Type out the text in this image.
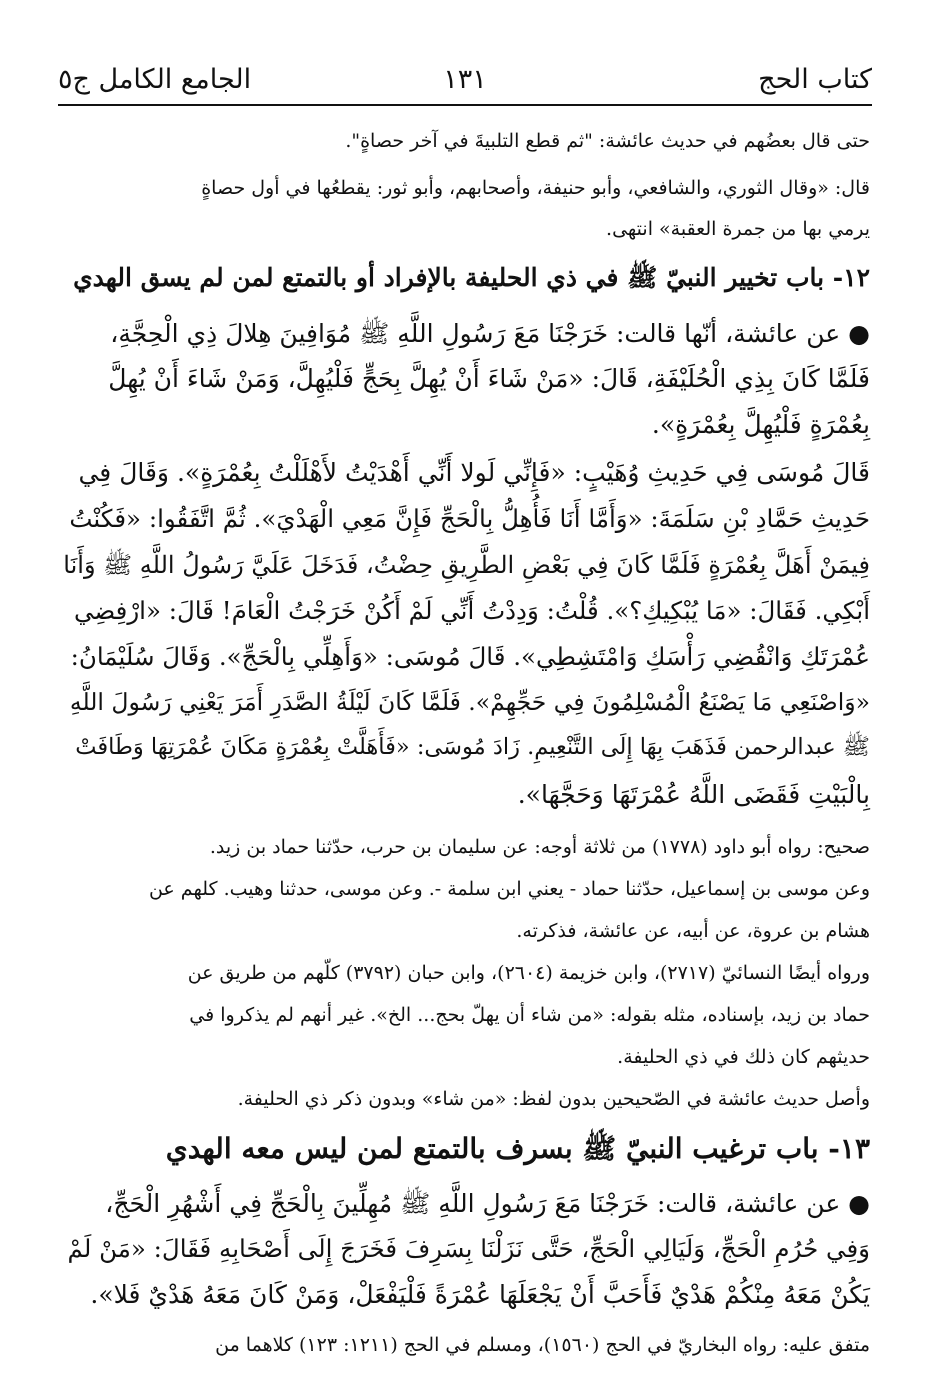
كتاب الحج
١٣١
الجامع الكامل ج٥
حتى قال بعضُهم في حديث عائشة: "ثم قطع التلبيةَ في آخر حصاةٍ".
قال: «وقال الثوري، والشافعي، وأبو حنيفة، وأصحابهم، وأبو ثور: يقطعُها في أول حصاةٍ
يرمي بها من جمرة العقبة» انتهى.
١٢- باب تخيير النبيّ ﷺ في ذي الحليفة بالإفراد أو بالتمتع لمن لم يسق الهدي
● عن عائشة، أنّها قالت: خَرَجْنَا مَعَ رَسُولِ اللَّهِ ﷺ مُوَافِينَ هِلالَ ذِي الْحِجَّةِ،
فَلَمَّا كَانَ بِذِي الْحُلَيْفَةِ، قَالَ: «مَنْ شَاءَ أَنْ يُهِلَّ بِحَجٍّ فَلْيُهِلَّ، وَمَنْ شَاءَ أَنْ يُهِلَّ
بِعُمْرَةٍ فَلْيُهِلَّ بِعُمْرَةٍ».
قَالَ مُوسَى فِي حَدِيثِ وُهَيْبٍ: «فَإِنِّي لَولا أَنِّي أَهْدَيْتُ لأَهْلَلْتُ بِعُمْرَةٍ». وَقَالَ فِي
حَدِيثِ حَمَّادِ بْنِ سَلَمَةَ: «وَأَمَّا أَنَا فَأُهِلُّ بِالْحَجِّ فَإِنَّ مَعِي الْهَدْيَ». ثُمَّ اتَّفَقُوا: «فَكُنْتُ
فِيمَنْ أَهَلَّ بِعُمْرَةٍ فَلَمَّا كَانَ فِي بَعْضِ الطَّرِيقِ حِضْتُ، فَدَخَلَ عَلَيَّ رَسُولُ اللَّهِ ﷺ وَأَنَا
أَبْكِي. فَقَالَ: «مَا يُبْكِيكِ؟». قُلْتُ: وَدِدْتُ أَنِّي لَمْ أَكُنْ خَرَجْتُ الْعَامَ! قَالَ: «ارْفِضِي
عُمْرَتَكِ وَانْقُضِي رَأْسَكِ وَامْتَشِطِي». قَالَ مُوسَى: «وَأَهِلِّي بِالْحَجِّ». وَقَالَ سُلَيْمَانُ:
«وَاصْنَعِي مَا يَصْنَعُ الْمُسْلِمُونَ فِي حَجِّهِمْ». فَلَمَّا كَانَ لَيْلَةُ الصَّدَرِ أَمَرَ يَعْنِي رَسُولَ اللَّهِ
ﷺ عبدالرحمن فَذَهَبَ بِهَا إِلَى التَّنْعِيمِ. زَادَ مُوسَى: «فَأَهَلَّتْ بِعُمْرَةٍ مَكَانَ عُمْرَتِهَا وَطَافَتْ
بِالْبَيْتِ فَقَضَى اللَّهُ عُمْرَتَهَا وَحَجَّهَا».
صحيح: رواه أبو داود (١٧٧٨) من ثلاثة أوجه: عن سليمان بن حرب، حدّثنا حماد بن زيد.
وعن موسى بن إسماعيل، حدّثنا حماد - يعني ابن سلمة -. وعن موسى، حدثنا وهيب. كلهم عن
هشام بن عروة، عن أبيه، عن عائشة، فذكرته.
ورواه أيضًا النسائيّ (٢٧١٧)، وابن خزيمة (٢٦٠٤)، وابن حبان (٣٧٩٢) كلّهم من طريق عن
حماد بن زيد، بإسناده، مثله بقوله: «من شاء أن يهلّ بحج... الخ». غير أنهم لم يذكروا في
حديثهم كان ذلك في ذي الحليفة.
وأصل حديث عائشة في الصّحيحين بدون لفظ: «من شاء» وبدون ذكر ذي الحليفة.
١٣- باب ترغيب النبيّ ﷺ بسرف بالتمتع لمن ليس معه الهدي
● عن عائشة، قالت: خَرَجْنَا مَعَ رَسُولِ اللَّهِ ﷺ مُهِلِّينَ بِالْحَجِّ فِي أَشْهُرِ الْحَجِّ،
وَفِي حُرُمِ الْحَجِّ، وَلَيَالِي الْحَجِّ، حَتَّى نَزَلْنَا بِسَرِفَ فَخَرَجَ إِلَى أَصْحَابِهِ فَقَالَ: «مَنْ لَمْ
يَكُنْ مَعَهُ مِنْكُمْ هَدْيٌ فَأَحَبَّ أَنْ يَجْعَلَهَا عُمْرَةً فَلْيَفْعَلْ، وَمَنْ كَانَ مَعَهُ هَدْيٌ فَلا».
متفق عليه: رواه البخاريّ في الحج (١٥٦٠)، ومسلم في الحج (١٢١١: ١٢٣) كلاهما من
